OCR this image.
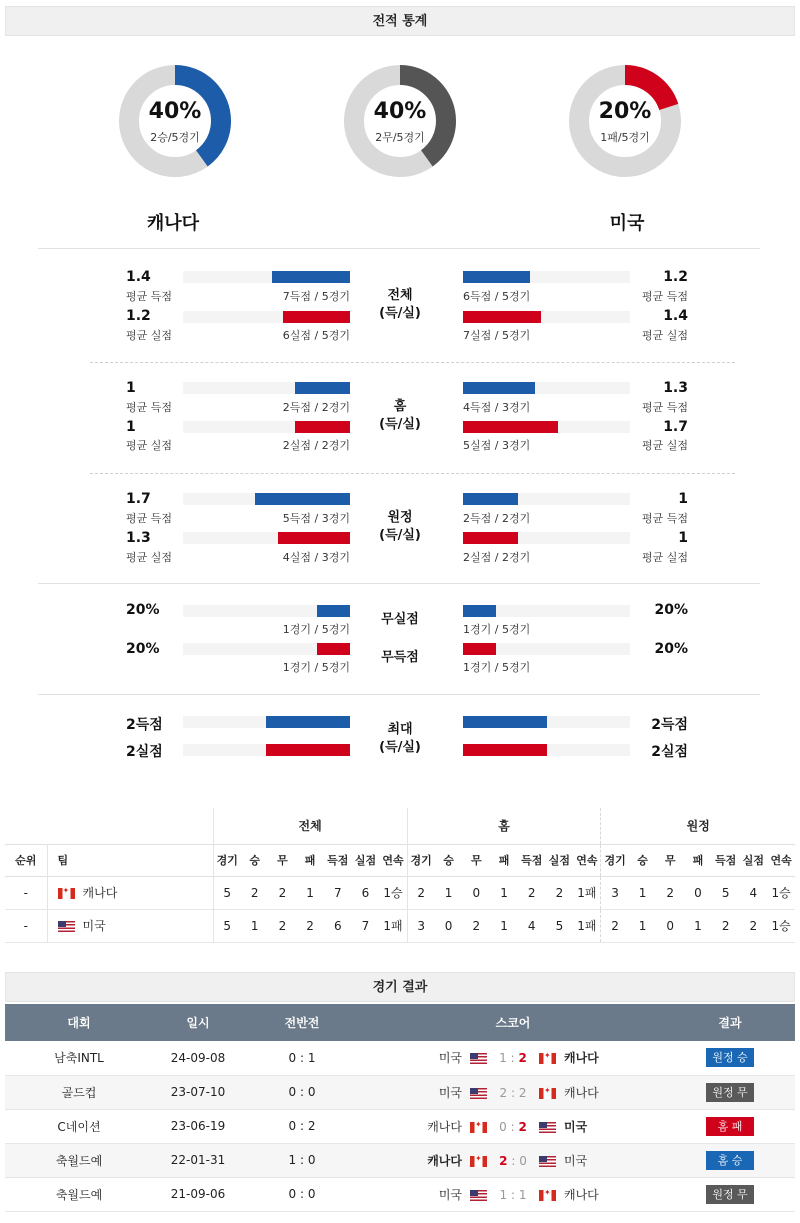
전적 통계
40%
2승/5경기
40%
2무/5경기
20%
1패/5경기
캐나다	미국
1.4
평균 득점	7득점 / 5경기
1.2
평균 실점	6실점 / 5경기
전체
(득/실)
6득점 / 5경기
1.2
평균 득점
7실점 / 5경기
1.4
평균 실점
1
평균 득점	2득점 / 2경기
1
평균 실점	2실점 / 2경기
홈
(득/실)
4득점 / 3경기
1.3
평균 득점
5실점 / 3경기
1.7
평균 실점
1.7
평균 득점	5득점 / 3경기
1.3
평균 실점	4실점 / 3경기
원정
(득/실)
2득점 / 2경기
1
평균 득점
2실점 / 2경기
1
평균 실점
20%
1경기 / 5경기
20%
1경기 / 5경기
무실점
무득점
1경기 / 5경기
20%
1경기 / 5경기
20%
2득점
2실점
최대
(득/실)
2득점
2실점
		전체							홈							원정						
순위	팀	경기	승	무	패	득점	실점	연속	경기	승	무	패	득점	실점	연속	경기	승	무	패	득점	실점	연속
-	✦캐나다	5	2	2	1	7	6	1승	2	1	0	1	2	2	1패	3	1	2	0	5	4	1승
-	미국	5	1	2	2	6	7	1패	3	0	2	1	4	5	1패	2	1	0	1	2	2	1승
경기 결과
대회	일시	전반전	스코어	결과
남축INTL	24-09-08	0 : 1	미국 1 : 2 ✦ 캐나다	원정 승
골드컵	23-07-10	0 : 0	미국 2 : 2 ✦ 캐나다	원정 무
C네이션	23-06-19	0 : 2	캐나다 ✦ 0 : 2 미국	홈 패
축월드예	22-01-31	1 : 0	캐나다 ✦ 2 : 0 미국	홈 승
축월드예	21-09-06	0 : 0	미국 1 : 1 ✦ 캐나다	원정 무
